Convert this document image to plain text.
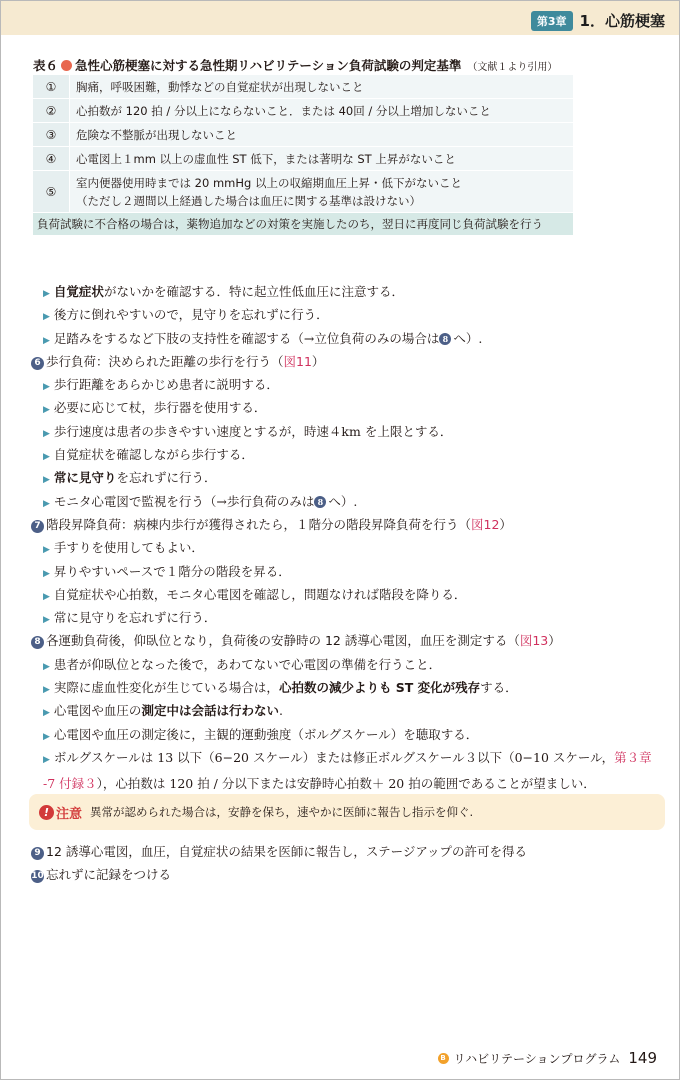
第3章 1．心筋梗塞
表６ 急性心筋梗塞に対する急性期リハビリテーション負荷試験の判定基準 （文献１より引用）
①	胸痛，呼吸困難，動悸などの自覚症状が出現しないこと
②	心拍数が 120 拍 / 分以上にならないこと．または 40回 / 分以上増加しないこと
③	危険な不整脈が出現しないこと
④	心電図上１mm 以上の虚血性 ST 低下，または著明な ST 上昇がないこと
⑤	室内便器使用時までは 20 mmHg 以上の収縮期血圧上昇・低下がないこと
（ただし２週間以上経過した場合は血圧に関する基準は設けない）

負荷試験に不合格の場合は，薬物追加などの対策を実施したのち，翌日に再度同じ負荷試験を行う	
▶ 自覚症状がないかを確認する．特に起立性低血圧に注意する．
▶ 後方に倒れやすいので，見守りを忘れずに行う．
▶ 足踏みをするなど下肢の支持性を確認する（→立位負荷のみの場合は 8 へ）.
6 歩行負荷：決められた距離の歩行を行う（図11）
▶ 歩行距離をあらかじめ患者に説明する．
▶ 必要に応じて杖，歩行器を使用する．
▶ 歩行速度は患者の歩きやすい速度とするが，時速４km を上限とする．
▶ 自覚症状を確認しながら歩行する．
▶ 常に見守りを忘れずに行う．
▶ モニタ心電図で監視を行う（→歩行負荷のみは 8 へ）.
7 階段昇降負荷：病棟内歩行が獲得されたら，１階分の階段昇降負荷を行う（図12）
▶ 手すりを使用してもよい．
▶ 昇りやすいペースで１階分の階段を昇る．
▶ 自覚症状や心拍数，モニタ心電図を確認し，問題なければ階段を降りる．
▶ 常に見守りを忘れずに行う．
8 各運動負荷後，仰臥位となり，負荷後の安静時の 12 誘導心電図，血圧を測定する（図13）
▶ 患者が仰臥位となった後で，あわてないで心電図の準備を行うこと．
▶ 実際に虚血性変化が生じている場合は，心拍数の減少よりも ST 変化が残存する．
▶ 心電図や血圧の測定中は会話は行わない.
▶ 心電図や血圧の測定後に，主観的運動強度（ボルグスケール）を聴取する．
▶ ボルグスケールは 13 以下（6−20 スケール）または修正ボルグスケール３以下（0−10 スケール，第３章 -7 付録３），心拍数は 120 拍 / 分以下または安静時心拍数＋ 20 拍の範囲であることが望ましい．
! 注意 異常が認められた場合は，安静を保ち，速やかに医師に報告し指示を仰ぐ.
9 12 誘導心電図，血圧，自覚症状の結果を医師に報告し，ステージアップの許可を得る
10 忘れずに記録をつける
B リハビリテーションプログラム 149
